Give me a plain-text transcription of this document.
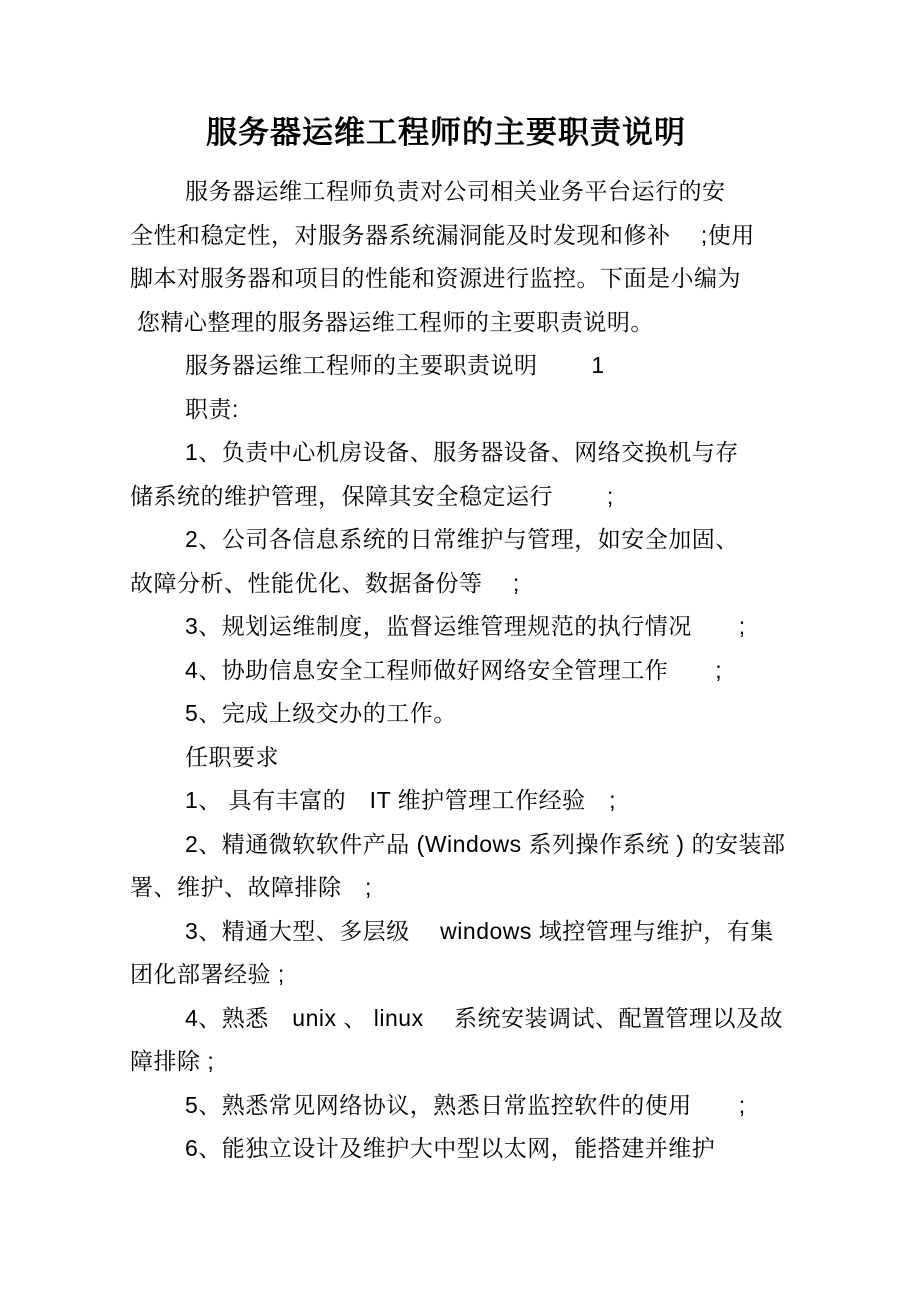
服务器运维工程师的主要职责说明
服务器运维工程师负责对公司相关业务平台运行的安
全性和稳定性，对服务器系统漏洞能及时发现和修补　 ;使用
脚本对服务器和项目的性能和资源进行监控。下面是小编为
您精心整理的服务器运维工程师的主要职责说明。
服务器运维工程师的主要职责说明　　 1
职责:
1、负责中心机房设备、服务器设备、网络交换机与存
储系统的维护管理，保障其安全稳定运行　　 ;
2、公司各信息系统的日常维护与管理，如安全加固、
故障分析、性能优化、数据备份等　 ;
3、规划运维制度，监督运维管理规范的执行情况　　;
4、协助信息安全工程师做好网络安全管理工作　　;
5、完成上级交办的工作。
任职要求
1、 具有丰富的　IT 维护管理工作经验　;
2、精通微软软件产品 (Windows 系列操作系统 ) 的安装部
署、维护、故障排除　;
3、精通大型、多层级　 windows 域控管理与维护，有集
团化部署经验 ;
4、熟悉　unix 、 linux　 系统安装调试、配置管理以及故
障排除 ;
5、熟悉常见网络协议，熟悉日常监控软件的使用　　;
6、能独立设计及维护大中型以太网，能搭建并维护
